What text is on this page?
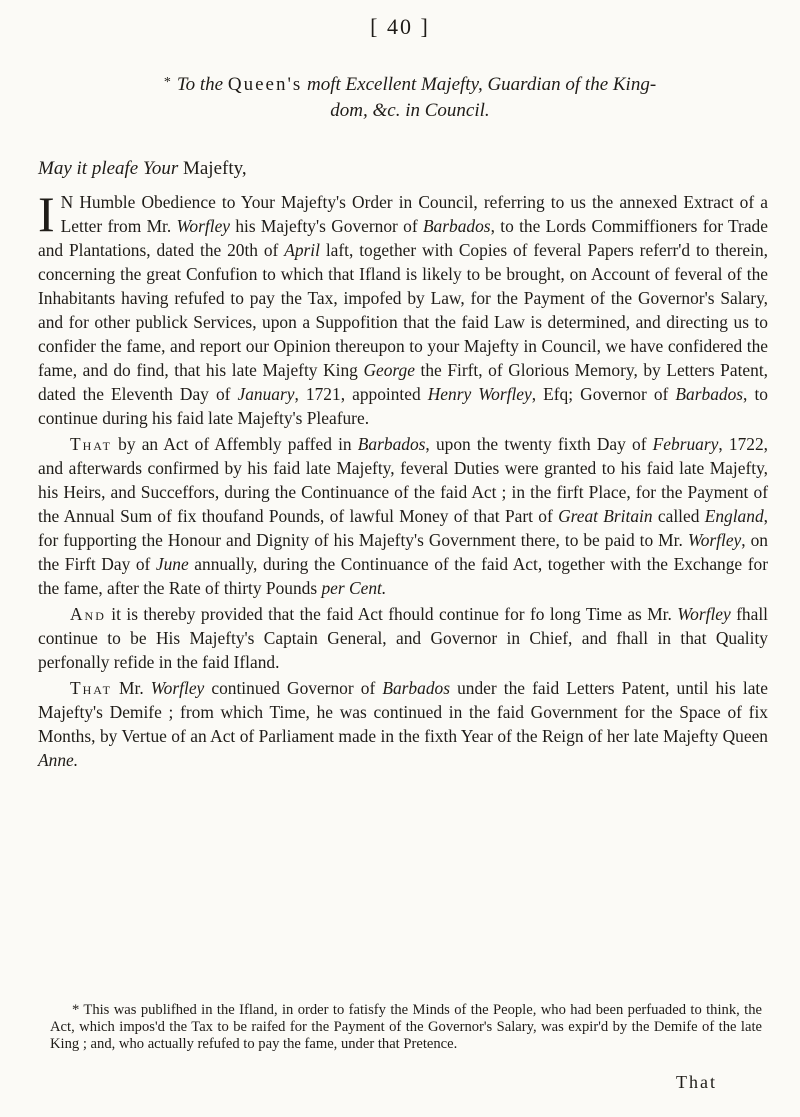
[ 40 ]
* To the Queen's moft Excellent Majefty, Guardian of the King-
dom, &c. in Council.
May it pleafe Your Majefty,

I N Humble Obedience to Your Majefty's Order in Council, referring to us the annexed Extract of a Letter from Mr. Worfley his Majefty's Governor of Barbados, to the Lords Commiffioners for Trade and Plantations, dated the 20th of April laft, together with Copies of feveral Papers referr'd to therein, concerning the great Confufion to which that Ifland is likely to be brought, on Account of feveral of the Inhabitants having refufed to pay the Tax, impofed by Law, for the Payment of the Governor's Salary, and for other publick Services, upon a Suppofition that the faid Law is determined, and directing us to confider the fame, and report our Opinion thereupon to your Majefty in Council, we have confidered the fame, and do find, that his late Majefty King George the Firft, of Glorious Memory, by Letters Patent, dated the Eleventh Day of January, 1721, appointed Henry Worfley, Efq; Governor of Barbados, to continue during his faid late Majefty's Pleafure.

That by an Act of Affembly paffed in Barbados, upon the twenty fixth Day of February, 1722, and afterwards confirmed by his faid late Majefty, feveral Duties were granted to his faid late Majefty, his Heirs, and Succeffors, during the Continuance of the faid Act ; in the firft Place, for the Payment of the Annual Sum of fix thoufand Pounds, of lawful Money of that Part of Great Britain called England, for fupporting the Honour and Dignity of his Majefty's Government there, to be paid to Mr. Worfley, on the Firft Day of June annually, during the Continuance of the faid Act, together with the Exchange for the fame, after the Rate of thirty Pounds per Cent.

And it is thereby provided that the faid Act fhould continue for fo long Time as Mr. Worfley fhall continue to be His Majefty's Captain General, and Governor in Chief, and fhall in that Quality perfonally refide in the faid Ifland.

That Mr. Worfley continued Governor of Barbados under the faid Letters Patent, until his late Majefty's Demife ; from which Time, he was continued in the faid Government for the Space of fix Months, by Vertue of an Act of Parliament made in the fixth Year of the Reign of her late Majefty Queen Anne.

* This was publifhed in the Ifland, in order to fatisfy the Minds of the People, who had been perfuaded to think, the Act, which impos'd the Tax to be raifed for the Payment of the Governor's Salary, was expir'd by the Demife of the late King ; and, who actually refufed to pay the fame, under that Pretence.
That
